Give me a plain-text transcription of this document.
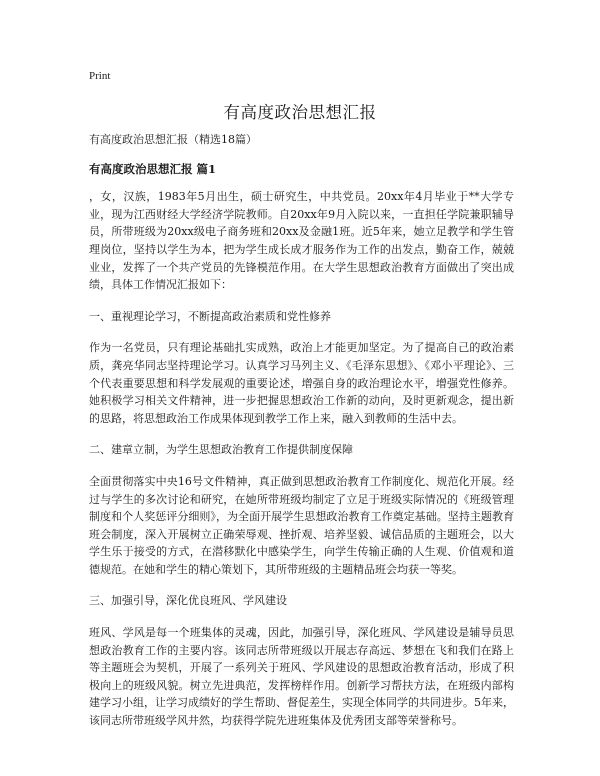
Print
有高度政治思想汇报

有高度政治思想汇报（精选18篇）

有高度政治思想汇报 篇1

，女，汉族，1983年5月出生，硕士研究生，中共党员。20xx年4月毕业于**大学专业，现为江西财经大学经济学院教师。自20xx年9月入院以来，一直担任学院兼职辅导员，所带班级为20xx级电子商务班和20xx及金融1班。近5年来，她立足教学和学生管理岗位，坚持以学生为本，把为学生成长成才服务作为工作的出发点，勤奋工作，兢兢业业，发挥了一个共产党员的先锋模范作用。在大学生思想政治教育方面做出了突出成绩，具体工作情况汇报如下：

一、重视理论学习，不断提高政治素质和党性修养

作为一名党员，只有理论基础扎实成熟，政治上才能更加坚定。为了提高自己的政治素质，龚亮华同志坚持理论学习。认真学习马列主义、《毛泽东思想》、《邓小平理论》、三个代表重要思想和科学发展观的重要论述，增强自身的政治理论水平，增强党性修养。她积极学习相关文件精神，进一步把握思想政治工作新的动向，及时更新观念，提出新的思路，将思想政治工作成果体现到教学工作上来，融入到教师的生活中去。

二、建章立制，为学生思想政治教育工作提供制度保障

全面贯彻落实中央16号文件精神，真正做到思想政治教育工作制度化、规范化开展。经过与学生的多次讨论和研究，在她所带班级均制定了立足于班级实际情况的《班级管理制度和个人奖惩评分细则》，为全面开展学生思想政治教育工作奠定基础。坚持主题教育班会制度，深入开展树立正确荣辱观、挫折观、培养坚毅、诚信品质的主题班会，以大学生乐于接受的方式，在潜移默化中感染学生，向学生传输正确的人生观、价值观和道德规范。在她和学生的精心策划下，其所带班级的主题精品班会均获一等奖。

三、加强引导，深化优良班风、学风建设

班风、学风是每一个班集体的灵魂，因此，加强引导，深化班风、学风建设是辅导员思想政治教育工作的主要内容。该同志所带班级以开展志存高远、梦想在飞和我们在路上等主题班会为契机，开展了一系列关于班风、学风建设的思想政治教育活动，形成了积极向上的班级风貌。树立先进典范，发挥榜样作用。创新学习帮扶方法，在班级内部构建学习小组，让学习成绩好的学生帮助、督促差生，实现全体同学的共同进步。5年来，该同志所带班级学风井然，均获得学院先进班集体及优秀团支部等荣誉称号。
